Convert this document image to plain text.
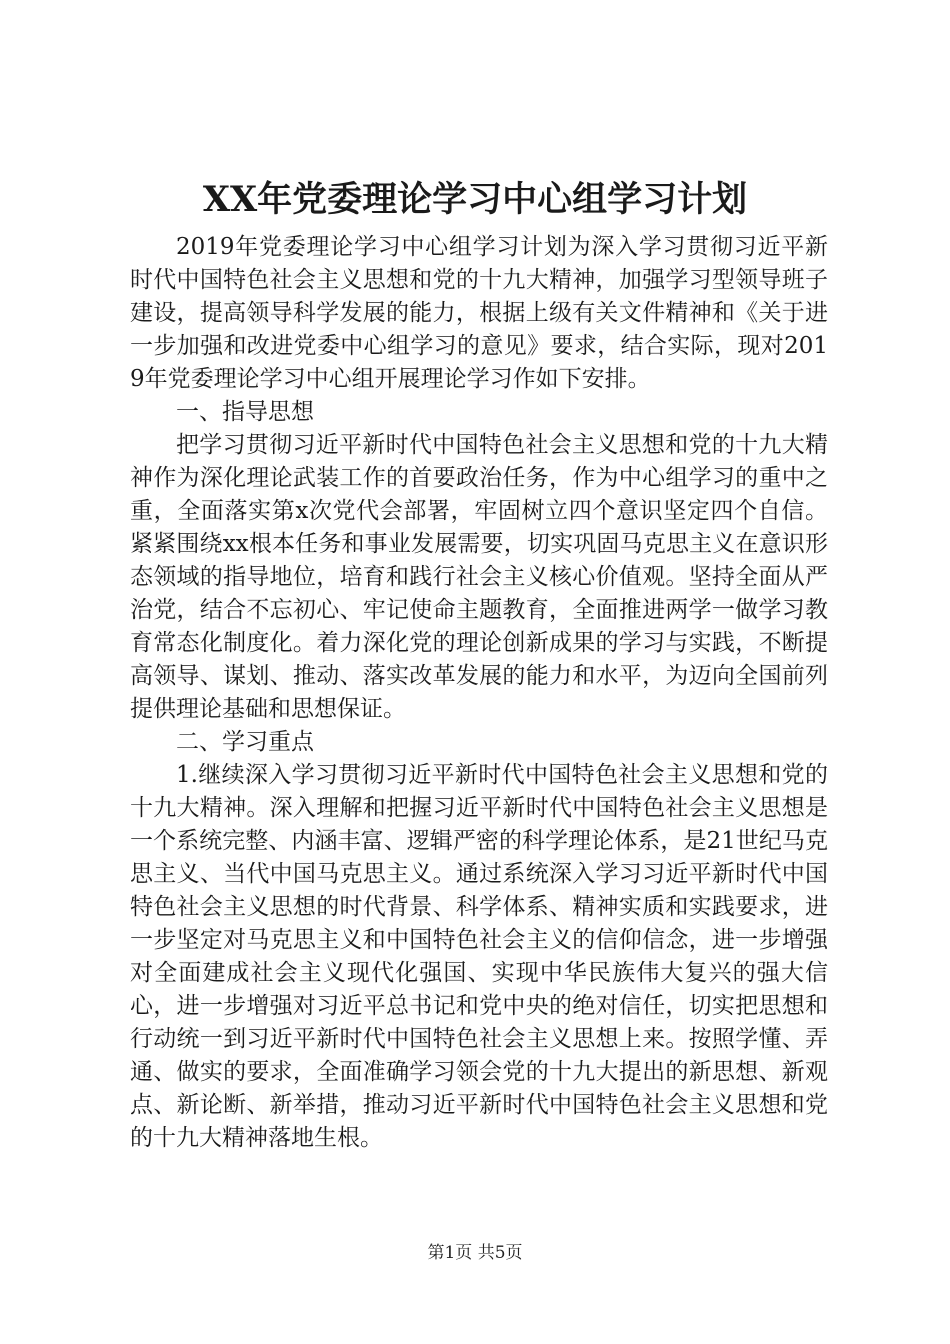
XX年党委理论学习中心组学习计划

2019年党委理论学习中心组学习计划为深入学习贯彻习近平新时代中国特色社会主义思想和党的十九大精神，加强学习型领导班子建设，提高领导科学发展的能力，根据上级有关文件精神和《关于进一步加强和改进党委中心组学习的意见》要求，结合实际，现对2019年党委理论学习中心组开展理论学习作如下安排。

一、指导思想

把学习贯彻习近平新时代中国特色社会主义思想和党的十九大精神作为深化理论武装工作的首要政治任务，作为中心组学习的重中之重，全面落实第x次党代会部署，牢固树立四个意识坚定四个自信。紧紧围绕xx根本任务和事业发展需要，切实巩固马克思主义在意识形态领域的指导地位，培育和践行社会主义核心价值观。坚持全面从严治党，结合不忘初心、牢记使命主题教育，全面推进两学一做学习教育常态化制度化。着力深化党的理论创新成果的学习与实践，不断提高领导、谋划、推动、落实改革发展的能力和水平，为迈向全国前列提供理论基础和思想保证。

二、学习重点

1.继续深入学习贯彻习近平新时代中国特色社会主义思想和党的十九大精神。深入理解和把握习近平新时代中国特色社会主义思想是一个系统完整、内涵丰富、逻辑严密的科学理论体系，是21世纪马克思主义、当代中国马克思主义。通过系统深入学习习近平新时代中国特色社会主义思想的时代背景、科学体系、精神实质和实践要求，进一步坚定对马克思主义和中国特色社会主义的信仰信念，进一步增强对全面建成社会主义现代化强国、实现中华民族伟大复兴的强大信心，进一步增强对习近平总书记和党中央的绝对信任，切实把思想和行动统一到习近平新时代中国特色社会主义思想上来。按照学懂、弄通、做实的要求，全面准确学习领会党的十九大提出的新思想、新观点、新论断、新举措，推动习近平新时代中国特色社会主义思想和党的十九大精神落地生根。

第1页 共5页
